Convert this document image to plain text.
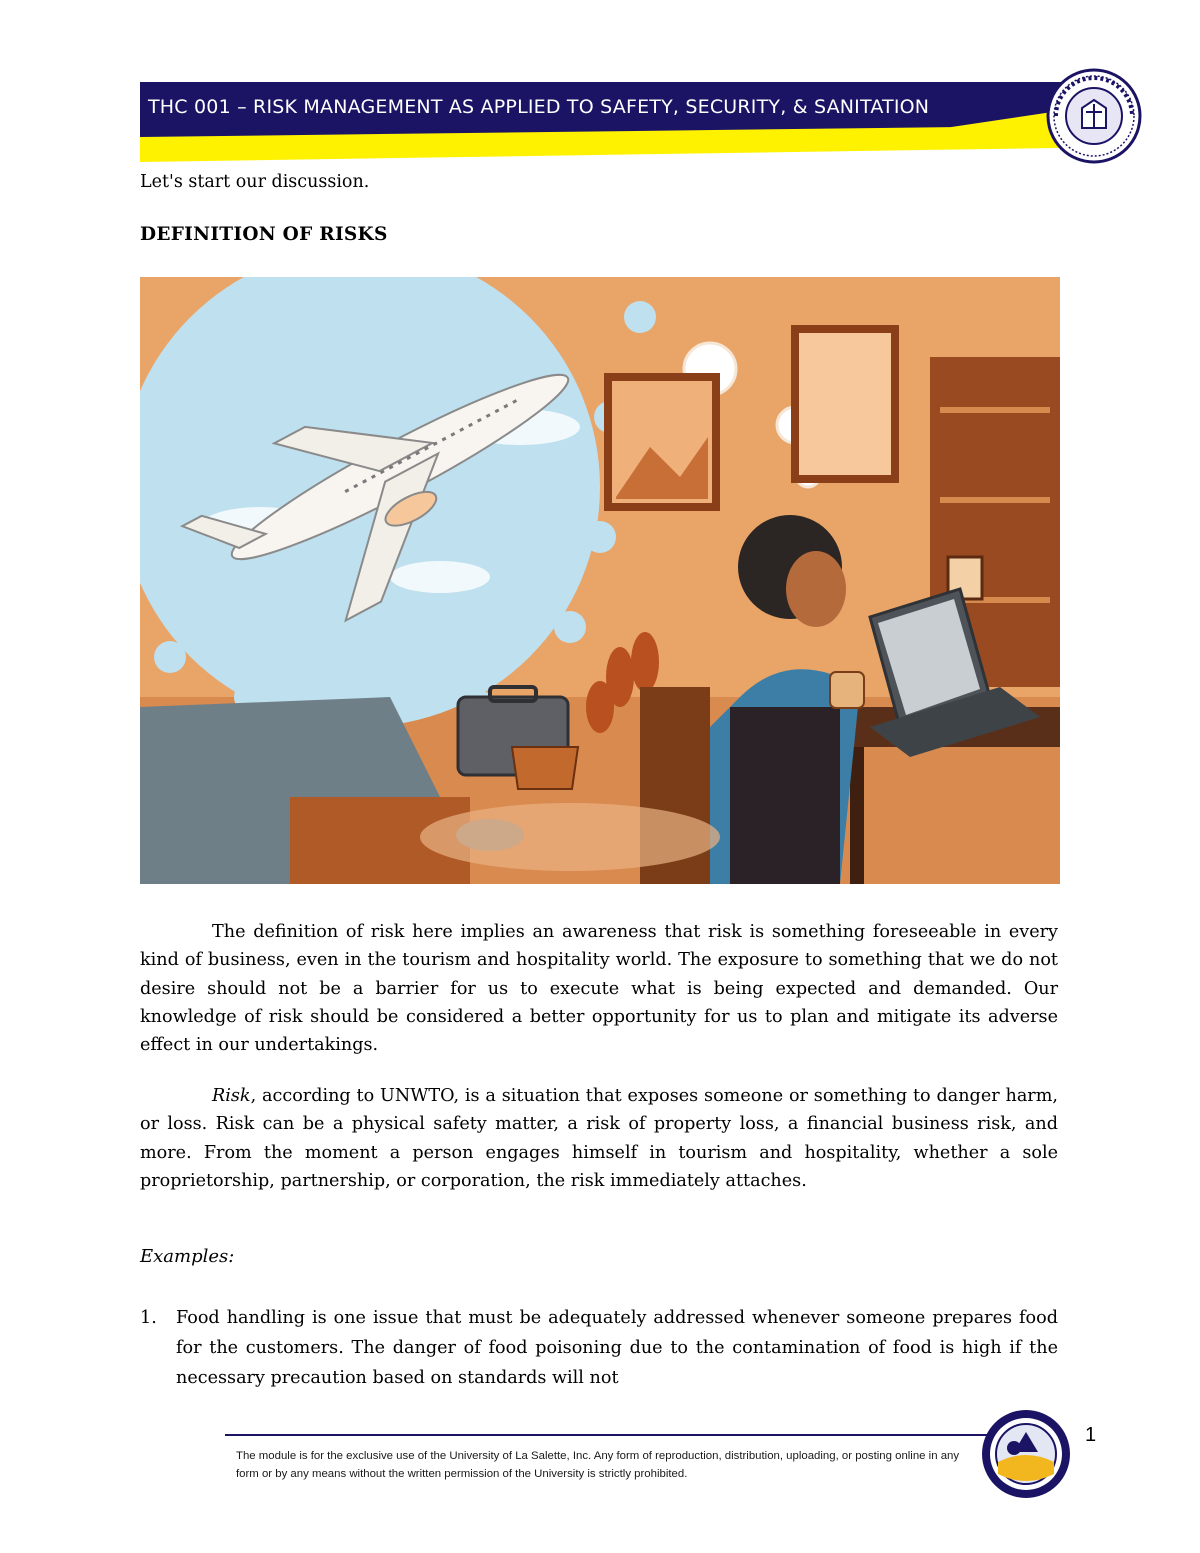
THC 001 – RISK MANAGEMENT AS APPLIED TO SAFETY, SECURITY, & SANITATION
Let's start our discussion.
DEFINITION OF RISKS
The definition of risk here implies an awareness that risk is something foreseeable in every kind of business, even in the tourism and hospitality world. The exposure to something that we do not desire should not be a barrier for us to execute what is being expected and demanded. Our knowledge of risk should be considered a better opportunity for us to plan and mitigate its adverse effect in our undertakings.
Risk, according to UNWTO, is a situation that exposes someone or something to danger harm, or loss. Risk can be a physical safety matter, a risk of property loss, a financial business risk, and more. From the moment a person engages himself in tourism and hospitality, whether a sole proprietorship, partnership, or corporation, the risk immediately attaches.
Examples:
1. Food handling is one issue that must be adequately addressed whenever someone prepares food for the customers. The danger of food poisoning due to the contamination of food is high if the necessary precaution based on standards will not
The module is for the exclusive use of the University of La Salette, Inc. Any form of reproduction, distribution, uploading, or posting online in any form or by any means without the written permission of the University is strictly prohibited.
1
